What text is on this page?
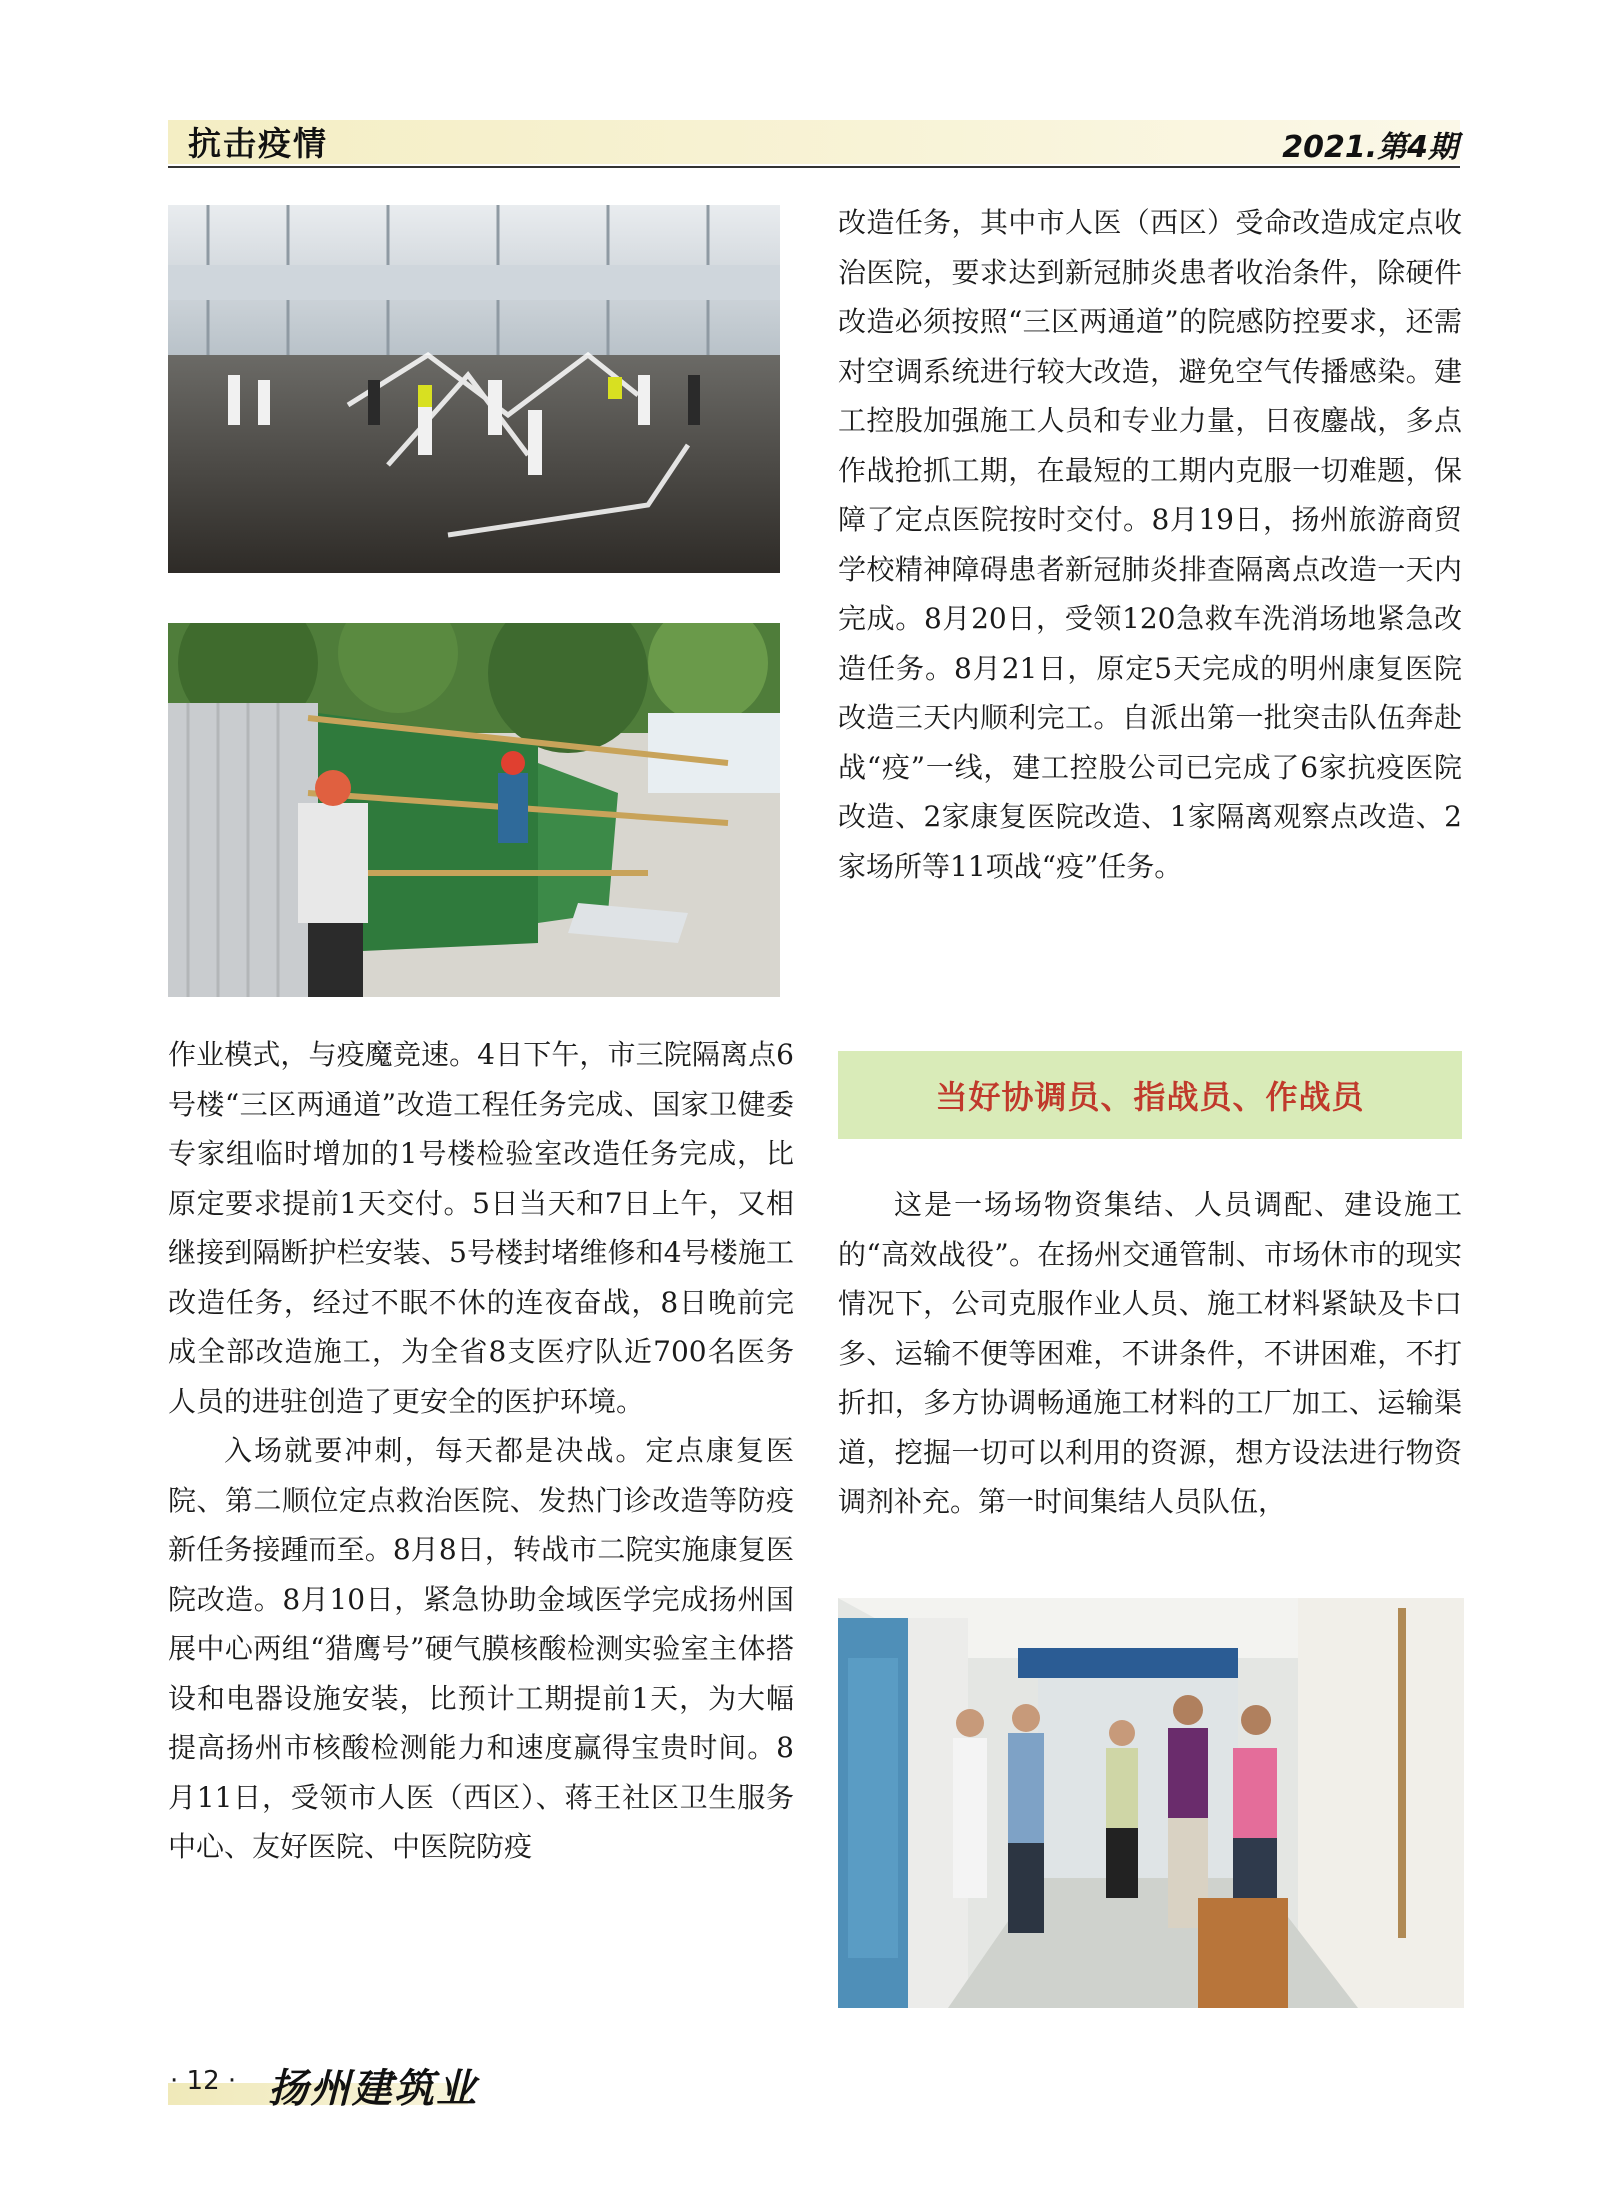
抗击疫情	2021.第4期

作业模式，与疫魔竞速。4日下午，市三院隔离点6号楼“三区两通道”改造工程任务完成、国家卫健委专家组临时增加的1号楼检验室改造任务完成，比原定要求提前1天交付。5日当天和7日上午，又相继接到隔断护栏安装、5号楼封堵维修和4号楼施工改造任务，经过不眠不休的连夜奋战，8日晚前完成全部改造施工，为全省8支医疗队近700名医务人员的进驻创造了更安全的医护环境。

入场就要冲刺，每天都是决战。定点康复医院、第二顺位定点救治医院、发热门诊改造等防疫新任务接踵而至。8月8日，转战市二院实施康复医院改造。8月10日，紧急协助金域医学完成扬州国展中心两组“猎鹰号”硬气膜核酸检测实验室主体搭设和电器设施安装，比预计工期提前1天，为大幅提高扬州市核酸检测能力和速度赢得宝贵时间。8月11日，受领市人医（西区）、蒋王社区卫生服务中心、友好医院、中医院防疫

改造任务，其中市人医（西区）受命改造成定点收治医院，要求达到新冠肺炎患者收治条件，除硬件改造必须按照“三区两通道”的院感防控要求，还需对空调系统进行较大改造，避免空气传播感染。建工控股加强施工人员和专业力量，日夜鏖战，多点作战抢抓工期，在最短的工期内克服一切难题，保障了定点医院按时交付。8月19日，扬州旅游商贸学校精神障碍患者新冠肺炎排查隔离点改造一天内完成。8月20日，受领120急救车洗消场地紧急改造任务。8月21日，原定5天完成的明州康复医院改造三天内顺利完工。自派出第一批突击队伍奔赴战“疫”一线，建工控股公司已完成了6家抗疫医院改造、2家康复医院改造、1家隔离观察点改造、2家场所等11项战“疫”任务。

当好协调员、指战员、作战员

这是一场场物资集结、人员调配、建设施工的“高效战役”。在扬州交通管制、市场休市的现实情况下，公司克服作业人员、施工材料紧缺及卡口多、运输不便等困难，不讲条件，不讲困难，不打折扣，多方协调畅通施工材料的工厂加工、运输渠道，挖掘一切可以利用的资源，想方设法进行物资调剂补充。第一时间集结人员队伍，

· 12 · 扬州建筑业
